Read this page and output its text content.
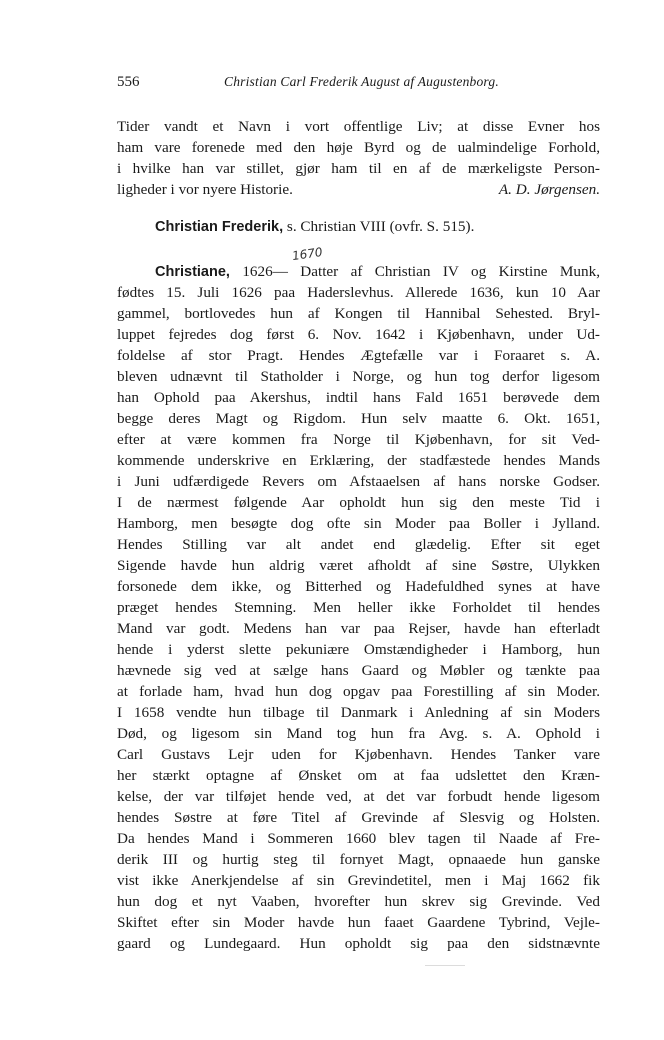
556	Christian Carl Frederik August af Augustenborg.
Tider vandt et Navn i vort offentlige Liv; at disse Evner hos
ham vare forenede med den høje Byrd og de ualmindelige Forhold,
i hvilke han var stillet, gjør ham til en af de mærkeligste Person-
ligheder i vor nyere Historie.	A. D. Jørgensen.
Christian Frederik, s. Christian VIII (ovfr. S. 515).
1670
Christiane, 1626— Datter af Christian IV og Kirstine Munk,
fødtes 15. Juli 1626 paa Haderslevhus. Allerede 1636, kun 10 Aar
gammel, bortlovedes hun af Kongen til Hannibal Sehested. Bryl-
luppet fejredes dog først 6. Nov. 1642 i Kjøbenhavn, under Ud-
foldelse af stor Pragt. Hendes Ægtefælle var i Foraaret s. A.
bleven udnævnt til Statholder i Norge, og hun tog derfor ligesom
han Ophold paa Akershus, indtil hans Fald 1651 berøvede dem
begge deres Magt og Rigdom. Hun selv maatte 6. Okt. 1651,
efter at være kommen fra Norge til Kjøbenhavn, for sit Ved-
kommende underskrive en Erklæring, der stadfæstede hendes Mands
i Juni udfærdigede Revers om Afstaaelsen af hans norske Godser.
I de nærmest følgende Aar opholdt hun sig den meste Tid i
Hamborg, men besøgte dog ofte sin Moder paa Boller i Jylland.
Hendes Stilling var alt andet end glædelig. Efter sit eget
Sigende havde hun aldrig været afholdt af sine Søstre, Ulykken
forsonede dem ikke, og Bitterhed og Hadefuldhed synes at have
præget hendes Stemning. Men heller ikke Forholdet til hendes
Mand var godt. Medens han var paa Rejser, havde han efterladt
hende i yderst slette pekuniære Omstændigheder i Hamborg, hun
hævnede sig ved at sælge hans Gaard og Møbler og tænkte paa
at forlade ham, hvad hun dog opgav paa Forestilling af sin Moder.
I 1658 vendte hun tilbage til Danmark i Anledning af sin Moders
Død, og ligesom sin Mand tog hun fra Avg. s. A. Ophold i
Carl Gustavs Lejr uden for Kjøbenhavn. Hendes Tanker vare
her stærkt optagne af Ønsket om at faa udslettet den Kræn-
kelse, der var tilføjet hende ved, at det var forbudt hende ligesom
hendes Søstre at føre Titel af Grevinde af Slesvig og Holsten.
Da hendes Mand i Sommeren 1660 blev tagen til Naade af Fre-
derik III og hurtig steg til fornyet Magt, opnaaede hun ganske
vist ikke Anerkjendelse af sin Grevindetitel, men i Maj 1662 fik
hun dog et nyt Vaaben, hvorefter hun skrev sig Grevinde. Ved
Skiftet efter sin Moder havde hun faaet Gaardene Tybrind, Vejle-
gaard og Lundegaard. Hun opholdt sig paa den sidstnævnte
